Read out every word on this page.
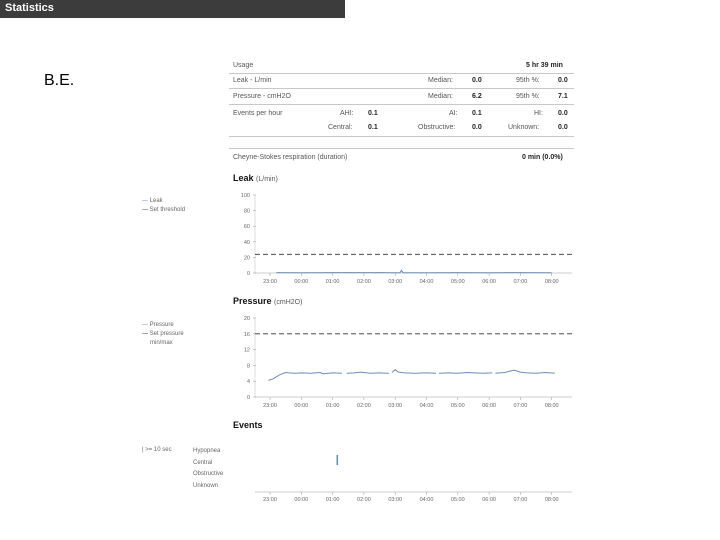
B.E.
Statistics
Usage	5 hr 39 min
Leak - L/min	Median:	0.0	95th %:	0.0
Pressure - cmH2O	Median:	6.2	95th %:	7.1
Events per hour	AHI: 0.1	AI: 0.1	HI: 0.0
Central: 0.1	Obstructive: 0.0	Unknown:	0.0
Cheyne-Stokes respiration (duration)	0 min (0.0%)
Leak (L/min)
— Leak
— Set threshold
0
20
40
60
80
100
23:00	00:00	01:00	02:00	03:00	04:00	05:00	06:00	07:00	08:00
Pressure (cmH2O)
— Pressure
— Set pressure
min/max
0
4
8
12
16
20
23:00	00:00	01:00	02:00	03:00	04:00	05:00	06:00	07:00	08:00
Events
| >= 10 sec	Hypopnea
Central
Obstructive
Unknown
23:00	00:00	01:00	02:00	03:00	04:00	05:00	06:00	07:00	08:00
